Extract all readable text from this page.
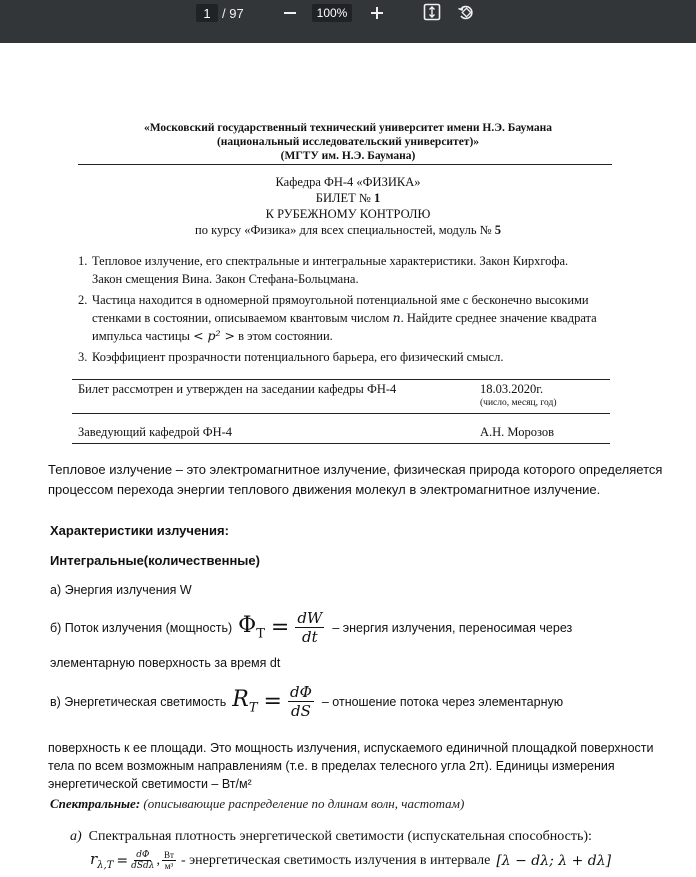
1 / 97	100%
«Московский государственный технический университет имени Н.Э. Баумана
(национальный исследовательский университет)»
(МГТУ им. Н.Э. Баумана)
Кафедра ФН-4 «ФИЗИКА»
БИЛЕТ № 1
К РУБЕЖНОМУ КОНТРОЛЮ
по курсу «Физика» для всех специальностей, модуль № 5
1. Тепловое излучение, его спектральные и интегральные характеристики. Закон Кирхгофа. Закон смещения Вина. Закон Стефана-Больцмана.
2. Частица находится в одномерной прямоугольной потенциальной яме с бесконечно высокими стенками в состоянии, описываемом квантовым числом n. Найдите среднее значение квадрата импульса частицы < p² > в этом состоянии.
3. Коэффициент прозрачности потенциального барьера, его физический смысл.
Билет рассмотрен и утвержден на заседании кафедры ФН-4	18.03.2020г.
(число, месяц, год)
Заведующий кафедрой ФН-4	А.Н. Морозов
Тепловое излучение – это электромагнитное излучение, физическая природа которого определяется процессом перехода энергии теплового движения молекул в электромагнитное излучение.
Характеристики излучения:
Интегральные(количественные)
а) Энергия излучения W
б) Поток излучения (мощность) $\Phi_T = \frac{dW}{dt}$ – энергия излучения, переносимая через
элементарную поверхность за время dt
в) Энергетическая светимость $R_T = \frac{d\Phi}{dS}$ – отношение потока через элементарную
поверхность к ее площади. Это мощность излучения, испускаемого единичной площадкой поверхности тела по всем возможным направлениям (т.е. в пределах телесного угла 2π). Единицы измерения энергетической светимости – Вт/м²
Спектральные: (описывающие распределение по длинам волн, частотам)
а) Спектральная плотность энергетической светимости (испускательная способность):
$r_{\lambda,T} = \frac{d\Phi}{\text{dSdλ}}$ , $\frac{Вт}{\text{м³}}$ - энергетическая светимость излучения в интервале [λ − dλ; λ + dλ]
